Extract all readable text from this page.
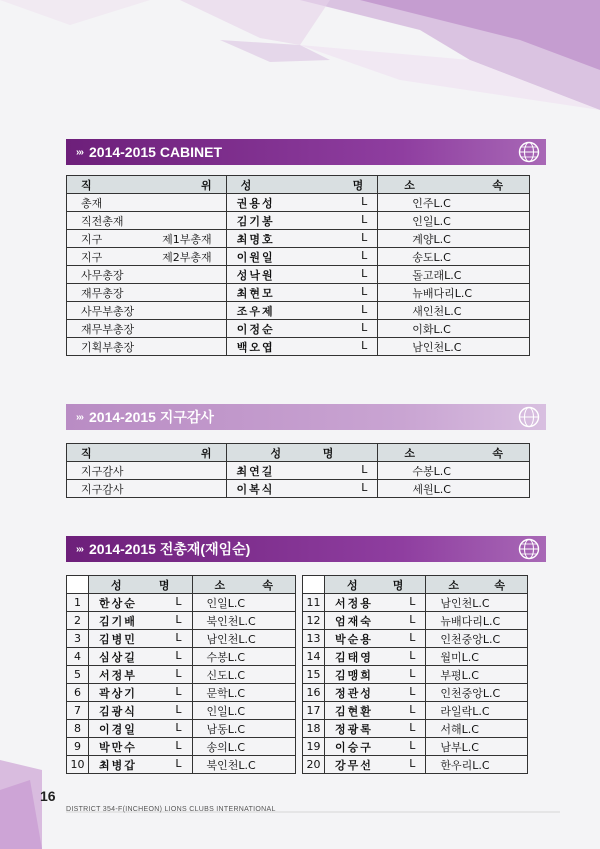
››› 2014-2015 CABINET
직 위	성 명	소 속
총재	권용성 L	인주L.C
직전총재	김기봉 L	인일L.C
지구 제1부총재	최명호 L	계양L.C
지구 제2부총재	이원일 L	송도L.C
사무총장	성낙원 L	돌고래L.C
재무총장	최현모 L	뉴배다리L.C
사무부총장	조우제 L	새인천L.C
재무부총장	이정순 L	이화L.C
기획부총장	백오엽 L	남인천L.C
››› 2014-2015 지구감사
직 위	성 명	소 속
지구감사	최연길 L	수봉L.C
지구감사	이복식 L	세원L.C
››› 2014-2015 전총재(재임순)
	성 명	소 속
1	한상순 L	인일L.C
2	김기배 L	북인천L.C
3	김병민 L	남인천L.C
4	심상길 L	수봉L.C
5	서정부 L	신도L.C
6	곽상기 L	문학L.C
7	김광식 L	인일L.C
8	이경일 L	남동L.C
9	박만수 L	송의L.C
10	최병갑 L	북인천L.C
	성 명	소 속
11	서정용 L	남인천L.C
12	엄재숙 L	뉴배다리L.C
13	박순용 L	인천중앙L.C
14	김태영 L	월미L.C
15	김맹희 L	부평L.C
16	정관성 L	인천중앙L.C
17	김현환 L	라일락L.C
18	정광록 L	서해L.C
19	이승구 L	남부L.C
20	강무선 L	한우리L.C
16
DISTRICT 354-F(INCHEON) LIONS CLUBS INTERNATIONAL
